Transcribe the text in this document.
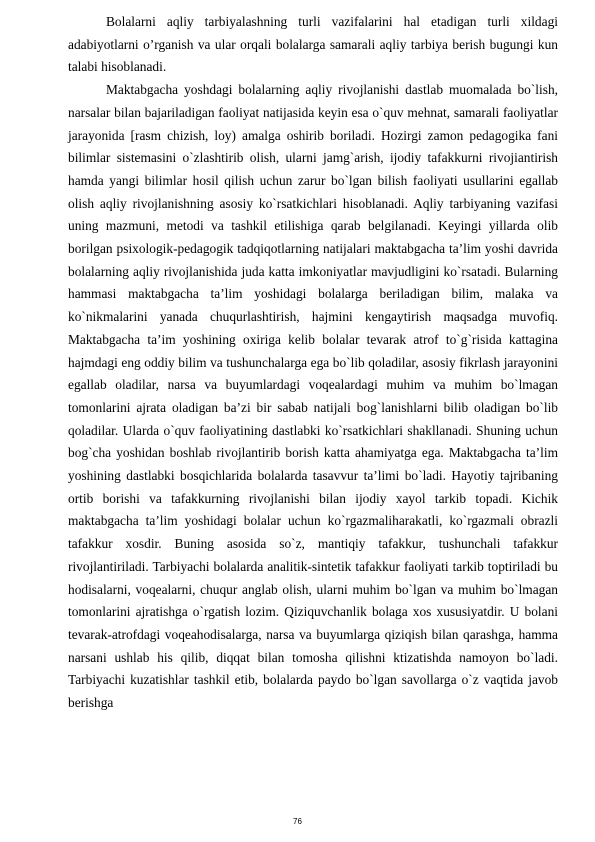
Bolalarni aqliy tarbiyalashning turli vazifalarini hal etadigan turli xildagi adabiyotlarni o’rganish va ular orqali bolalarga samarali aqliy tarbiya berish bugungi kun talabi hisoblanadi.

Maktabgacha yoshdagi bolalarning aqliy rivojlanishi dastlab muomalada bo`lish, narsalar bilan bajariladigan faoliyat natijasida keyin esa o`quv mehnat, samarali faoliyatlar jarayonida [rasm chizish, loy) amalga oshirib boriladi. Hozirgi zamon pedagogika fani bilimlar sistemasini o`zlashtirib olish, ularni jamg`arish, ijodiy tafakkurni rivojiantirish hamda yangi bilimlar hosil qilish uchun zarur bo`lgan bilish faoliyati usullarini egallab olish aqliy rivojlanishning asosiy ko`rsatkichlari hisoblanadi. Aqliy tarbiyaning vazifasi uning mazmuni, metodi va tashkil etilishiga qarab belgilanadi. Keyingi yillarda olib borilgan psixologik-pedagogik tadqiqotlarning natijalari maktabgacha ta’lim yoshi davrida bolalarning aqliy rivojlanishida juda katta imkoniyatlar mavjudligini ko`rsatadi. Bularning hammasi maktabgacha ta’lim yoshidagi bolalarga beriladigan bilim, malaka va ko`nikmalarini yanada chuqurlashtirish, hajmini kengaytirish maqsadga muvofiq. Maktabgacha ta’im yoshining oxiriga kelib bolalar tevarak atrof to`g`risida kattagina hajmdagi eng oddiy bilim va tushunchalarga ega bo`lib qoladilar, asosiy fikrlash jarayonini egallab oladilar, narsa va buyumlardagi voqealardagi muhim va muhim bo`lmagan tomonlarini ajrata oladigan ba’zi bir sabab natijali bog`lanishlarni bilib oladigan bo`lib qoladilar. Ularda o`quv faoliyatining dastlabki ko`rsatkichlari shakllanadi. Shuning uchun bog`cha yoshidan boshlab rivojlantirib borish katta ahamiyatga ega. Maktabgacha ta’lim yoshining dastlabki bosqichlarida bolalarda tasavvur ta’limi bo`ladi. Hayotiy tajribaning ortib borishi va tafakkurning rivojlanishi bilan ijodiy xayol tarkib topadi. Kichik maktabgacha ta’lim yoshidagi bolalar uchun ko`rgazmaliharakatli, ko`rgazmali obrazli tafakkur xosdir. Buning asosida so`z, mantiqiy tafakkur, tushunchali tafakkur rivojlantiriladi. Tarbiyachi bolalarda analitik-sintetik tafakkur faoliyati tarkib toptiriladi bu hodisalarni, voqealarni, chuqur anglab olish, ularni muhim bo`lgan va muhim bo`lmagan tomonlarini ajratishga o`rgatish lozim. Qiziquvchanlik bolaga xos xususiyatdir. U bolani tevarak-atrofdagi voqeahodisalarga, narsa va buyumlarga qiziqish bilan qarashga, hamma narsani ushlab his qilib, diqqat bilan tomosha qilishni ktizatishda namoyon bo`ladi. Tarbiyachi kuzatishlar tashkil etib, bolalarda paydo bo`lgan savollarga o`z vaqtida javob berishga

76
